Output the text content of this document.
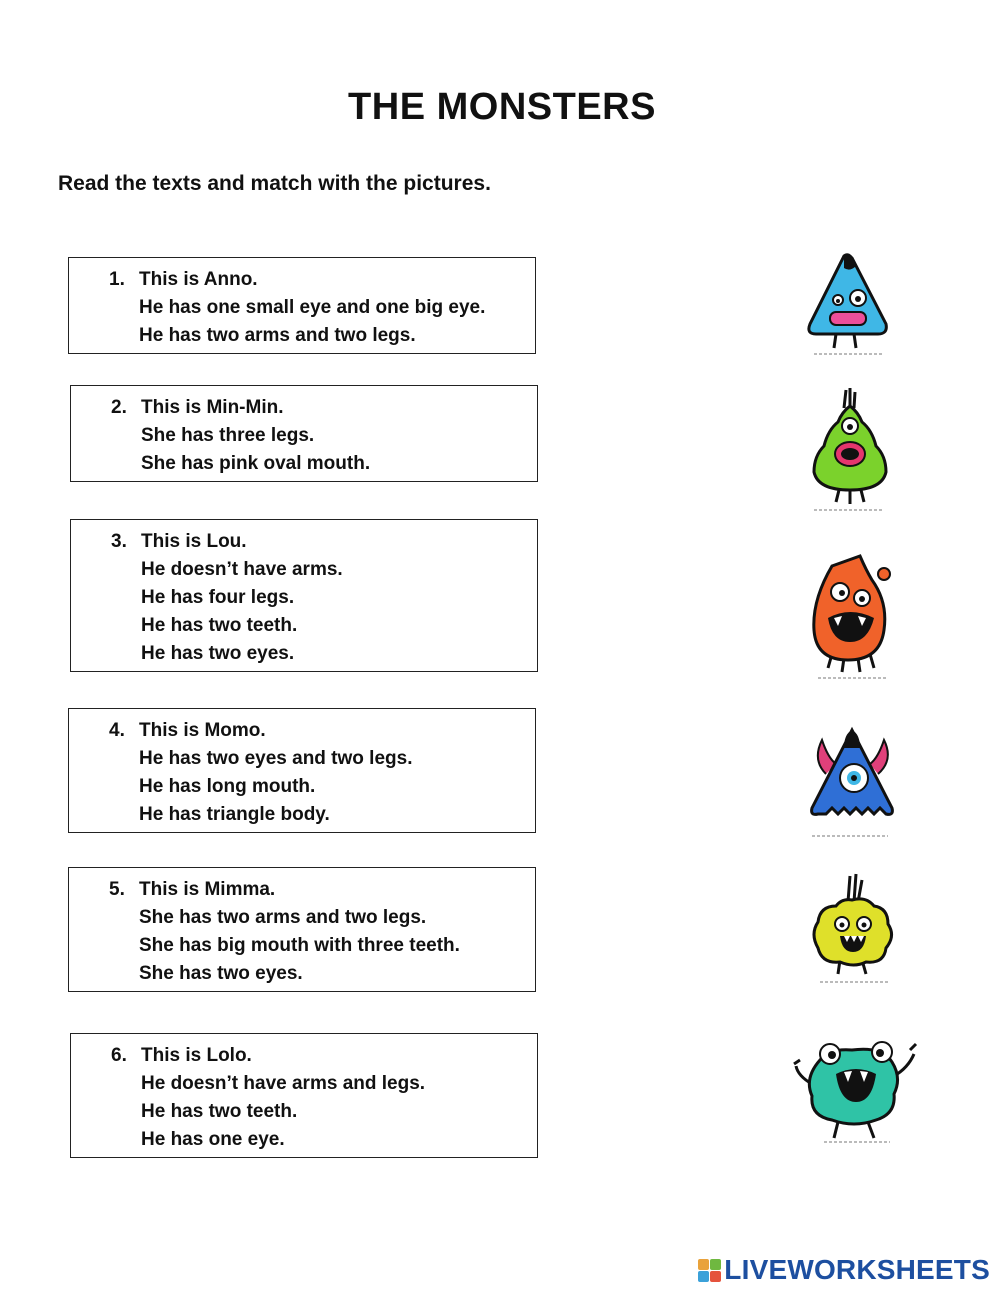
THE MONSTERS
Read the texts and match with the pictures.
1. This is Anno.
He has one small eye and one big eye.
He has two arms and two legs.
2. This is Min-Min.
She has three legs.
She has pink oval mouth.
3. This is Lou.
He doesn’t have arms.
He has four legs.
He has two teeth.
He has two eyes.
4. This is Momo.
He has two eyes and two legs.
He has long mouth.
He has triangle body.
5. This is Mimma.
She has two arms and two legs.
She has big mouth with three teeth.
She has two eyes.
6. This is Lolo.
He doesn’t have arms and legs.
He has two teeth.
He has one eye.
LIVEWORKSHEETS
